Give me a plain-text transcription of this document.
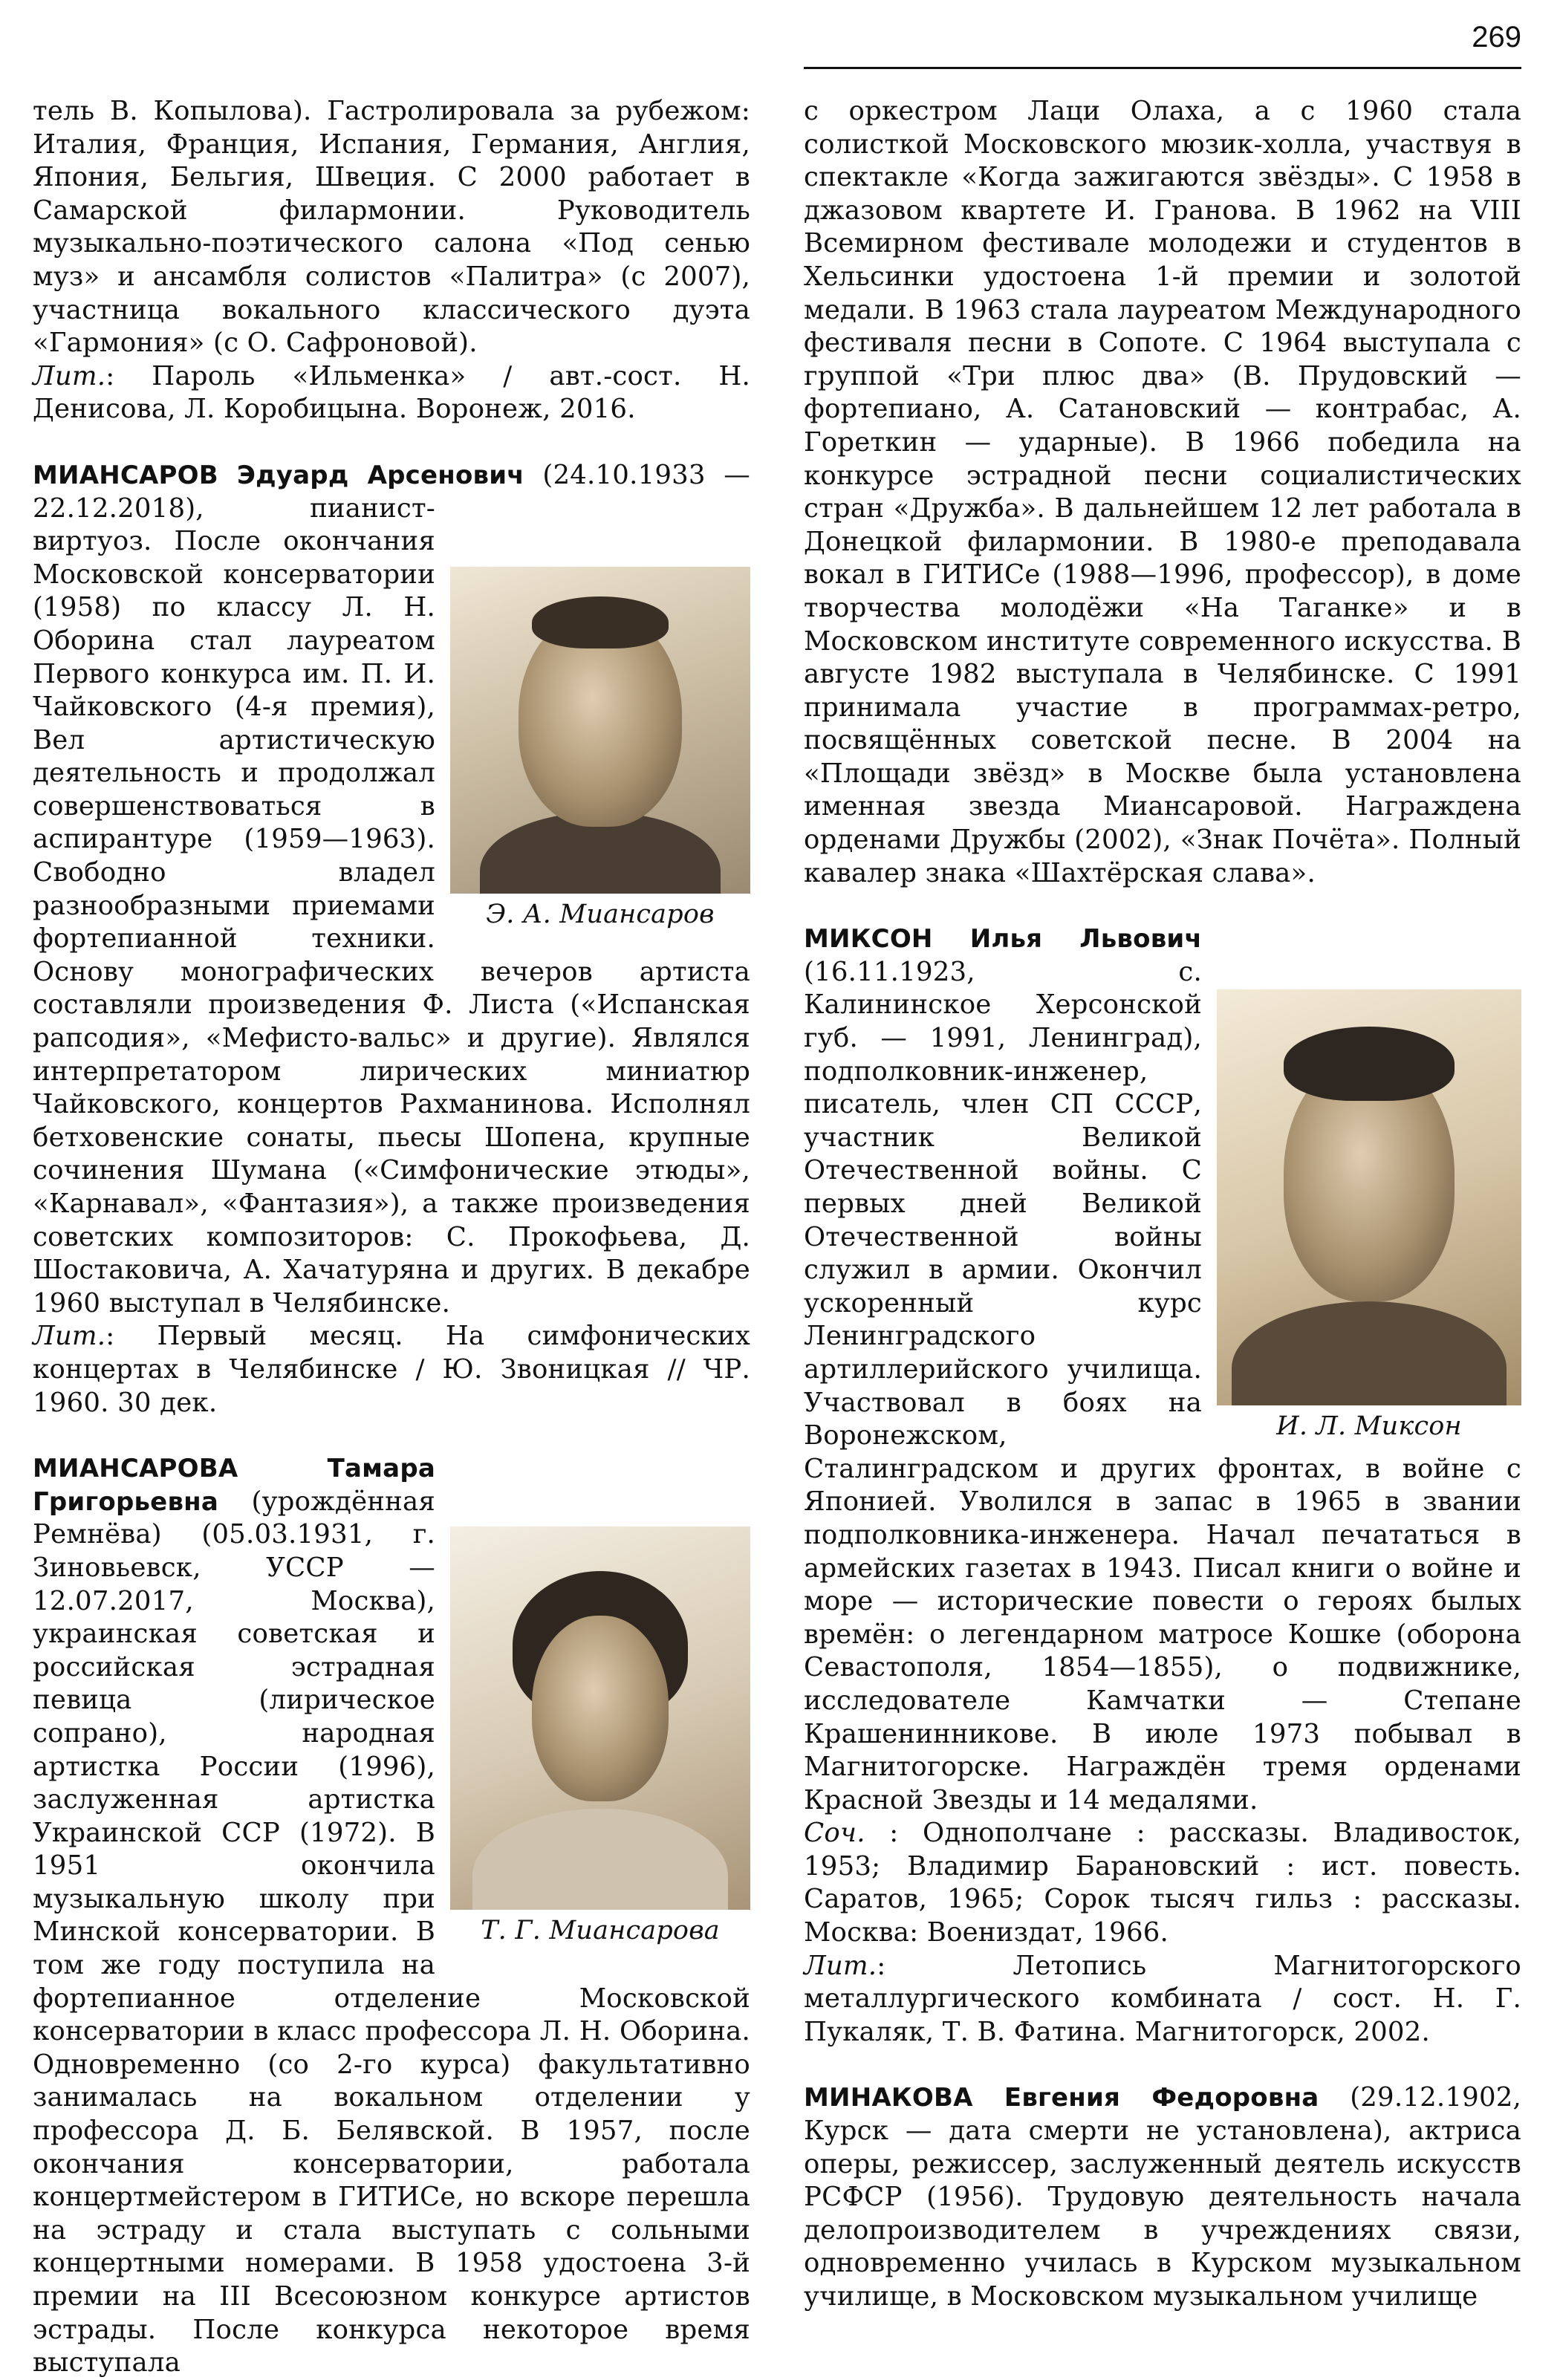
269

тель В. Копылова). Гастролировала за рубежом: Италия, Франция, Испания, Германия, Англия, Япония, Бельгия, Швеция. С 2000 работает в Самарской филармонии. Руководитель музыкально-поэтического салона «Под сенью муз» и ансамбля солистов «Палитра» (с 2007), участница вокального классического дуэта «Гармония» (с О. Сафроновой).

Лит.: Пароль «Ильменка» / авт.-сост. Н. Денисова, Л. Коробицына. Воронеж, 2016.

МИАНСАРОВ Эдуард Арсенович
Э. А. Миансаров
(24.10.1933 — 22.12.2018), пианист-виртуоз. После окончания Московской консерватории (1958) по классу Л. Н. Оборина стал лауреатом Первого конкурса им. П. И. Чайковского (4-я премия), Вел артистическую деятельность и продолжал совершенствоваться в аспирантуре (1959—1963). Свободно владел разнообразными приемами фортепианной техники. Основу монографических вечеров артиста составляли произведения Ф. Листа («Испанская рапсодия», «Мефисто-вальс» и другие). Являлся интерпретатором лирических миниатюр Чайковского, концертов Рахманинова. Исполнял бетховенские сонаты, пьесы Шопена, крупные сочинения Шумана («Симфонические этюды», «Карнавал», «Фантазия»), а также произведения советских композиторов: С. Прокофьева, Д. Шостаковича, А. Хачатуряна и других. В декабре 1960 выступал в Челябинске.

Лит.: Первый месяц. На симфонических концертах в Челябинске / Ю. Звоницкая // ЧР. 1960. 30 дек.

Т. Г. Миансарова
МИАНСАРОВА Тамара Григорьевна (урождённая Ремнёва) (05.03.1931, г. Зиновьевск, УССР — 12.07.2017, Москва), украинская советская и российская эстрадная певица (лирическое сопрано), народная артистка России (1996), заслуженная артистка Украинской ССР (1972). В 1951 окончила музыкальную школу при Минской консерватории. В том же году поступила на фортепианное отделение Московской консерватории в класс профессора Л. Н. Оборина. Одновременно (со 2-го курса) факультативно занималась на вокальном отделении у профессора Д. Б. Белявской. В 1957, после окончания консерватории, работала концертмейстером в ГИТИСе, но вскоре перешла на эстраду и стала выступать с сольными концертными номерами. В 1958 удостоена 3-й премии на III Всесоюзном конкурсе артистов эстрады. После конкурса некоторое время выступала

с оркестром Лаци Олаха, а с 1960 стала солисткой Московского мюзик-холла, участвуя в спектакле «Когда зажигаются звёзды». С 1958 в джазовом квартете И. Гранова. В 1962 на VIII Всемирном фестивале молодежи и студентов в Хельсинки удостоена 1-й премии и золотой медали. В 1963 стала лауреатом Международного фестиваля песни в Сопоте. С 1964 выступала с группой «Три плюс два» (В. Прудовский — фортепиано, А. Сатановский — контрабас, А. Гореткин — ударные). В 1966 победила на конкурсе эстрадной песни социалистических стран «Дружба». В дальнейшем 12 лет работала в Донецкой филармонии. В 1980-е преподавала вокал в ГИТИСе (1988—1996, профессор), в доме творчества молодёжи «На Таганке» и в Московском институте современного искусства. В августе 1982 выступала в Челябинске. С 1991 принимала участие в программах-ретро, посвящённых советской песне. В 2004 на «Площади звёзд» в Москве была установлена именная звезда Миансаровой. Награждена орденами Дружбы (2002), «Знак Почёта». Полный кавалер знака «Шахтёрская слава».

МИКСОН Илья Львович
И. Л. Миксон
(16.11.1923, с. Калининское Херсонской губ. — 1991, Ленинград), подполковник-инженер, писатель, член СП СССР, участник Великой Отечественной войны. С первых дней Великой Отечественной войны служил в армии. Окончил ускоренный курс Ленинградского артиллерийского училища. Участвовал в боях на Воронежском, Сталинградском и других фронтах, в войне с Японией. Уволился в запас в 1965 в звании подполковника-инженера. Начал печататься в армейских газетах в 1943. Писал книги о войне и море — исторические повести о героях былых времён: о легендарном матросе Кошке (оборона Севастополя, 1854—1855), о подвижнике, исследователе Камчатки — Степане Крашенинникове. В июле 1973 побывал в Магнитогорске. Награждён тремя орденами Красной Звезды и 14 медалями.

Соч. : Однополчане : рассказы. Владивосток, 1953; Владимир Барановский : ист. повесть. Саратов, 1965; Сорок тысяч гильз : рассказы. Москва: Воениздат, 1966.

Лит.: Летопись Магнитогорского металлургического комбината / сост. Н. Г. Пукаляк, Т. В. Фатина. Магнитогорск, 2002.

МИНАКОВА Евгения Федоровна (29.12.1902, Курск — дата смерти не установлена), актриса оперы, режиссер, заслуженный деятель искусств РСФСР (1956). Трудовую деятельность начала делопроизводителем в учреждениях связи, одновременно училась в Курском музыкальном училище, в Московском музыкальном училище
